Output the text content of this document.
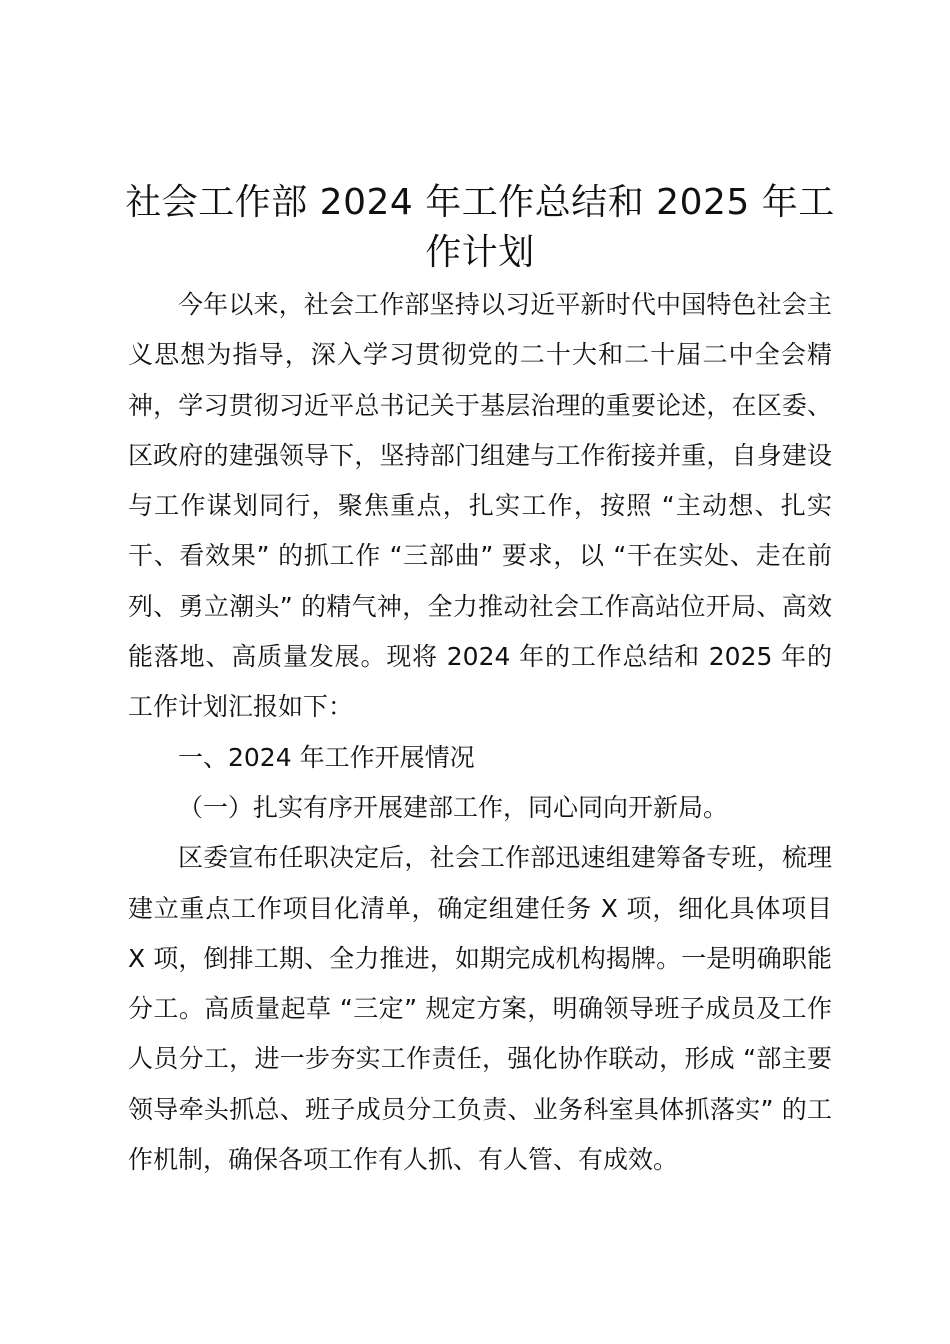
社会工作部 2024 年工作总结和 2025 年工作计划

今年以来，社会工作部坚持以习近平新时代中国特色社会主义思想为指导，深入学习贯彻党的二十大和二十届二中全会精神，学习贯彻习近平总书记关于基层治理的重要论述，在区委、区政府的建强领导下，坚持部门组建与工作衔接并重，自身建设与工作谋划同行，聚焦重点，扎实工作，按照 “主动想、扎实干、看效果” 的抓工作 “三部曲” 要求，以 “干在实处、走在前列、勇立潮头” 的精气神，全力推动社会工作高站位开局、高效能落地、高质量发展。现将 2024 年的工作总结和 2025 年的工作计划汇报如下：

一、2024 年工作开展情况

（一）扎实有序开展建部工作，同心同向开新局。

区委宣布任职决定后，社会工作部迅速组建筹备专班，梳理建立重点工作项目化清单，确定组建任务 X 项，细化具体项目 X 项，倒排工期、全力推进，如期完成机构揭牌。一是明确职能分工。高质量起草 “三定” 规定方案，明确领导班子成员及工作人员分工，进一步夯实工作责任，强化协作联动，形成 “部主要领导牵头抓总、班子成员分工负责、业务科室具体抓落实” 的工作机制，确保各项工作有人抓、有人管、有成效。
